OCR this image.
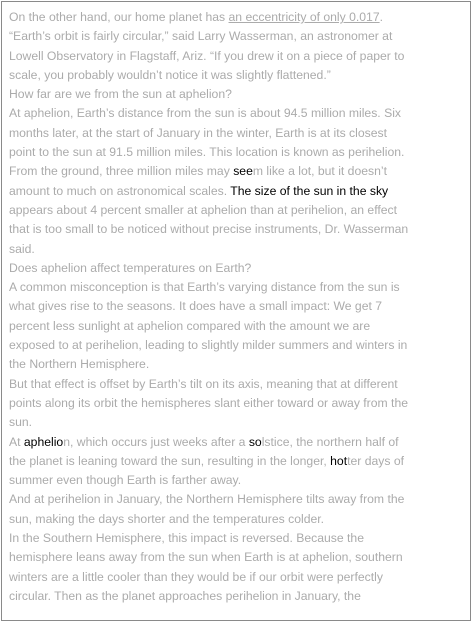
On the other hand, our home planet has an eccentricity of only 0.017.
“Earth’s orbit is fairly circular,” said Larry Wasserman, an astronomer at
Lowell Observatory in Flagstaff, Ariz. “If you drew it on a piece of paper to
scale, you probably wouldn’t notice it was slightly flattened.”
How far are we from the sun at aphelion?
At aphelion, Earth’s distance from the sun is about 94.5 million miles. Six
months later, at the start of January in the winter, Earth is at its closest
point to the sun at 91.5 million miles. This location is known as perihelion.
From the ground, three million miles may seem like a lot, but it doesn’t
amount to much on astronomical scales. The size of the sun in the sky
appears about 4 percent smaller at aphelion than at perihelion, an effect
that is too small to be noticed without precise instruments, Dr. Wasserman
said.
Does aphelion affect temperatures on Earth?
A common misconception is that Earth’s varying distance from the sun is
what gives rise to the seasons. It does have a small impact: We get 7
percent less sunlight at aphelion compared with the amount we are
exposed to at perihelion, leading to slightly milder summers and winters in
the Northern Hemisphere.
But that effect is offset by Earth’s tilt on its axis, meaning that at different
points along its orbit the hemispheres slant either toward or away from the
sun.
At aphelion, which occurs just weeks after a solstice, the northern half of
the planet is leaning toward the sun, resulting in the longer, hotter days of
summer even though Earth is farther away.
And at perihelion in January, the Northern Hemisphere tilts away from the
sun, making the days shorter and the temperatures colder.
In the Southern Hemisphere, this impact is reversed. Because the
hemisphere leans away from the sun when Earth is at aphelion, southern
winters are a little cooler than they would be if our orbit were perfectly
circular. Then as the planet approaches perihelion in January, the
